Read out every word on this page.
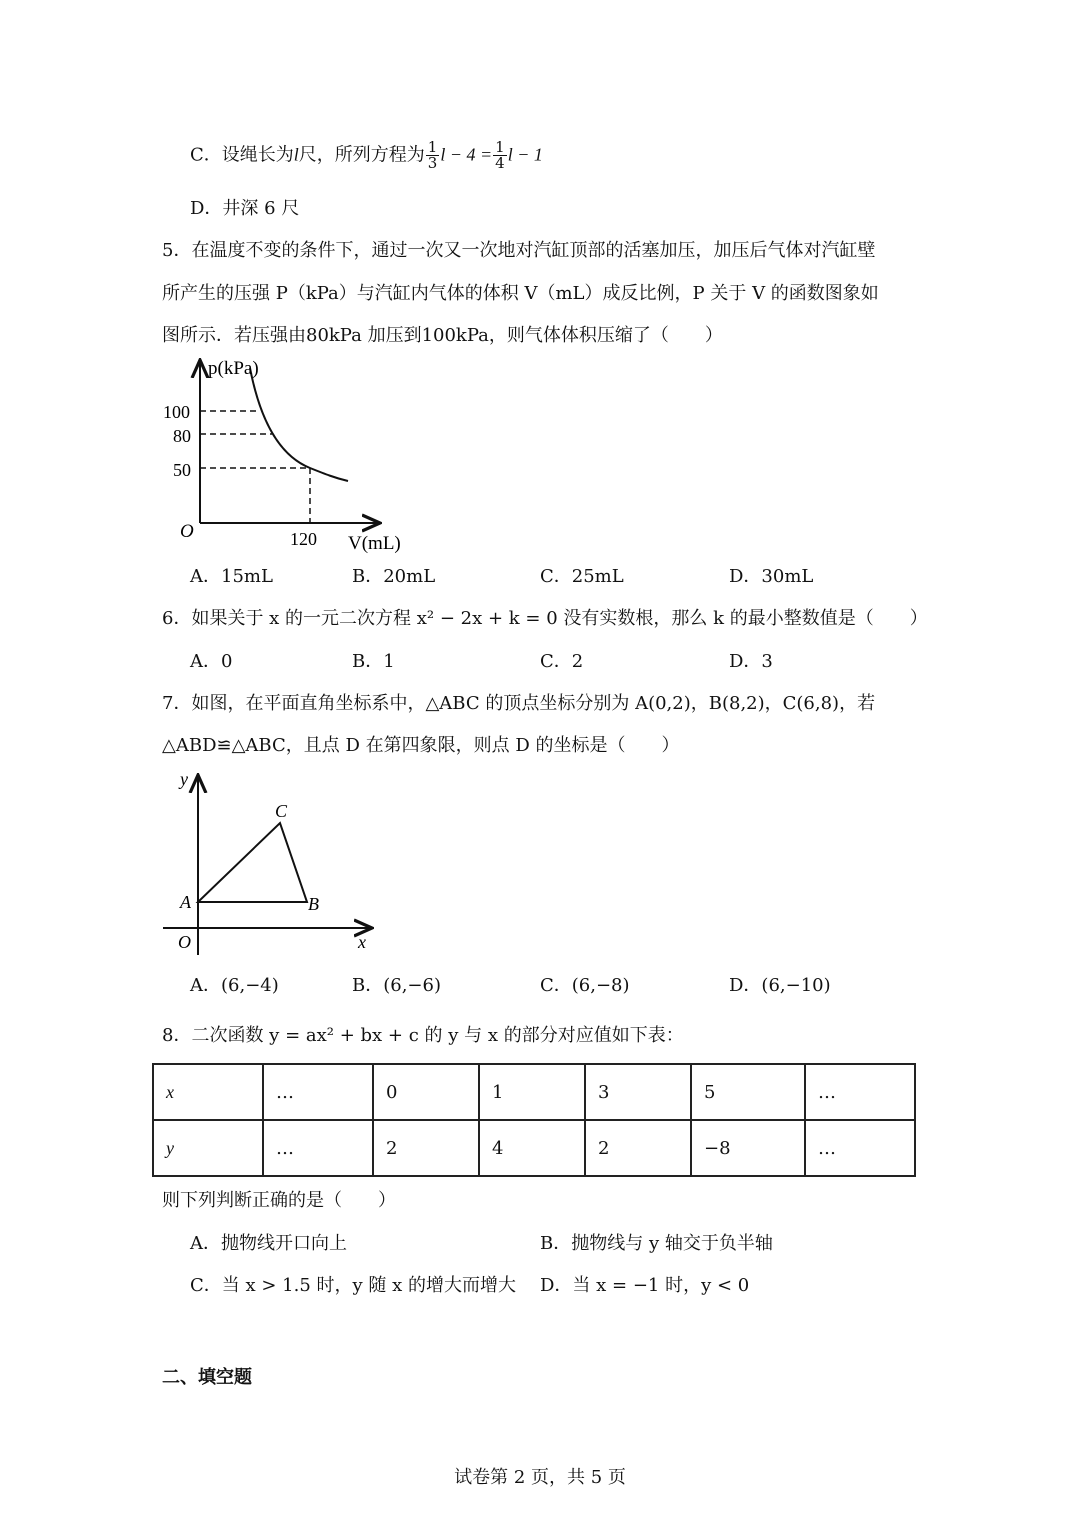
C．设绳长为l尺，所列方程为 $\frac{1}{3}$ $l - 4 = \frac{1}{4}$ l − 1
D．井深 6 尺
5．在温度不变的条件下，通过一次又一次地对汽缸顶部的活塞加压，加压后气体对汽缸壁
所产生的压强 P（kPa）与汽缸内气体的体积 V（mL）成反比例，P 关于 V 的函数图象如
图所示．若压强由80kPa 加压到100kPa，则气体体积压缩了（　　）
p(kPa)
100
80
50
O	120 V(mL)
A．15mL	B．20mL	C．25mL	D．30mL
6．如果关于 x 的一元二次方程 x² − 2x + k = 0 没有实数根，那么 k 的最小整数值是（　　）
A．0	B．1	C．2	D．3
7．如图，在平面直角坐标系中，△ABC 的顶点坐标分别为 A(0,2)，B(8,2)，C(6,8)，若
△ABD≌△ABC，且点 D 在第四象限，则点 D 的坐标是（　　）
y
x
O
A	B
C
A．(6,−4)	B．(6,−6)	C．(6,−8)	D．(6,−10)
8．二次函数 y = ax² + bx + c 的 y 与 x 的部分对应值如下表：
x	…	0	1	3	5	…
y	…	2	4	2	−8	…
则下列判断正确的是（　　）
A．抛物线开口向上	B．抛物线与 y 轴交于负半轴
C．当 x > 1.5 时，y 随 x 的增大而增大 D．当 x = −1 时，y < 0
二、填空题
试卷第 2 页，共 5 页
